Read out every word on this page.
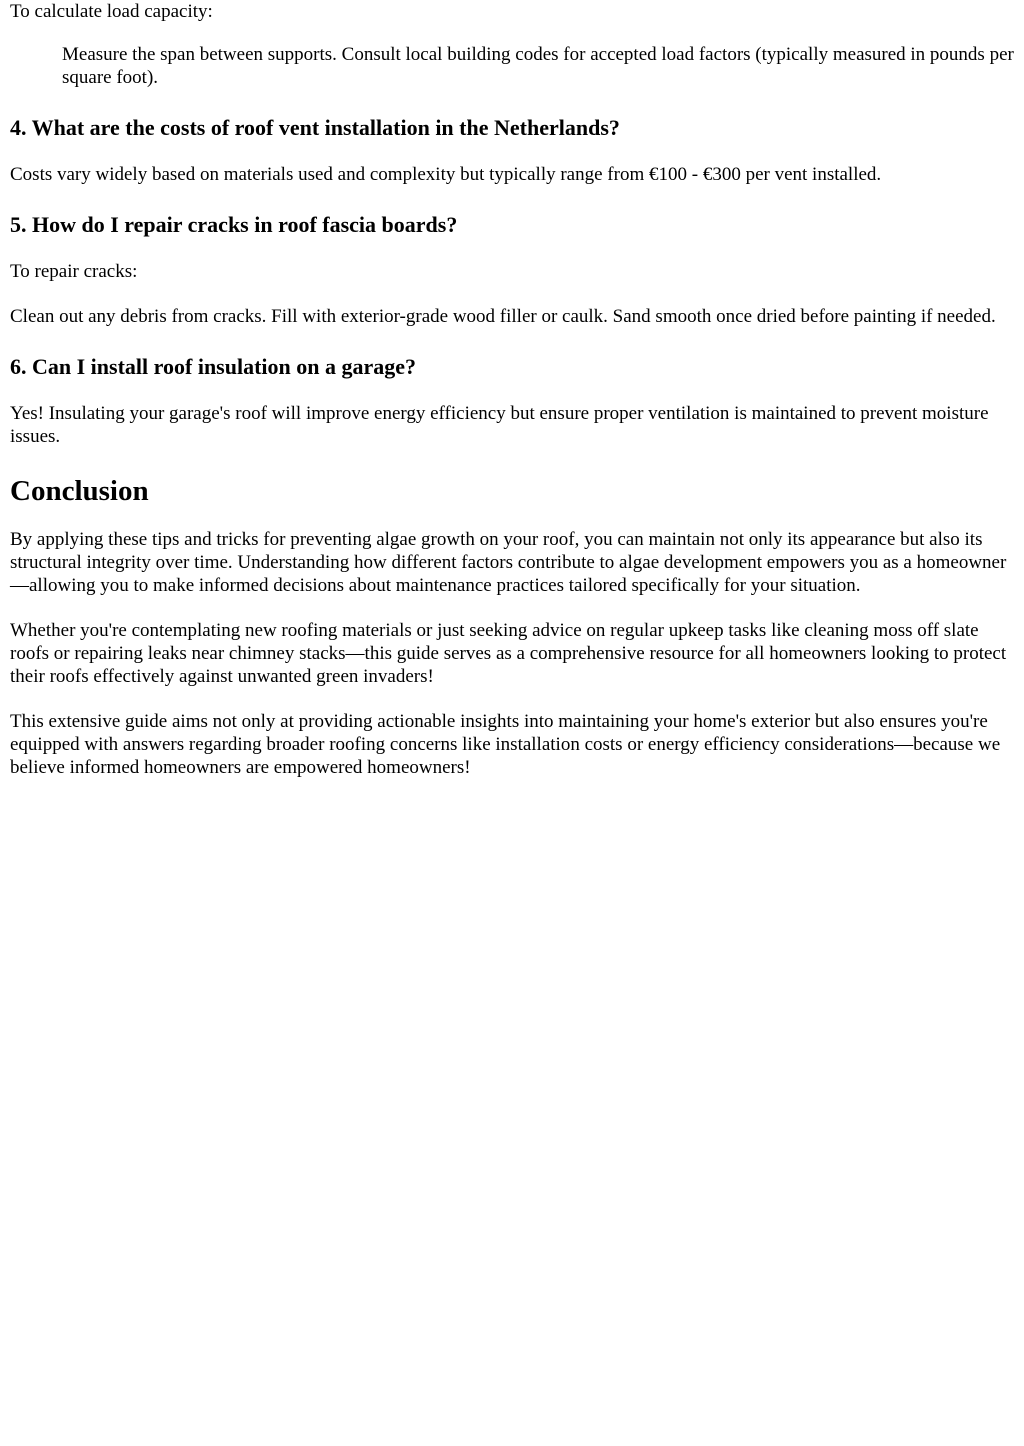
To calculate load capacity:

Measure the span between supports. Consult local building codes for accepted load factors (typically measured in pounds per square foot).
4. What are the costs of roof vent installation in the Netherlands?

Costs vary widely based on materials used and complexity but typically range from €100 - €300 per vent installed.

5. How do I repair cracks in roof fascia boards?

To repair cracks:

Clean out any debris from cracks. Fill with exterior-grade wood filler or caulk. Sand smooth once dried before painting if needed.

6. Can I install roof insulation on a garage?

Yes! Insulating your garage's roof will improve energy efficiency but ensure proper ventilation is maintained to prevent moisture issues.

Conclusion

By applying these tips and tricks for preventing algae growth on your roof, you can maintain not only its appearance but also its structural integrity over time. Understanding how different factors contribute to algae development empowers you as a homeowner—allowing you to make informed decisions about maintenance practices tailored specifically for your situation.

Whether you're contemplating new roofing materials or just seeking advice on regular upkeep tasks like cleaning moss off slate roofs or repairing leaks near chimney stacks—this guide serves as a comprehensive resource for all homeowners looking to protect their roofs effectively against unwanted green invaders!

This extensive guide aims not only at providing actionable insights into maintaining your home's exterior but also ensures you're equipped with answers regarding broader roofing concerns like installation costs or energy efficiency considerations—because we believe informed homeowners are empowered homeowners!
